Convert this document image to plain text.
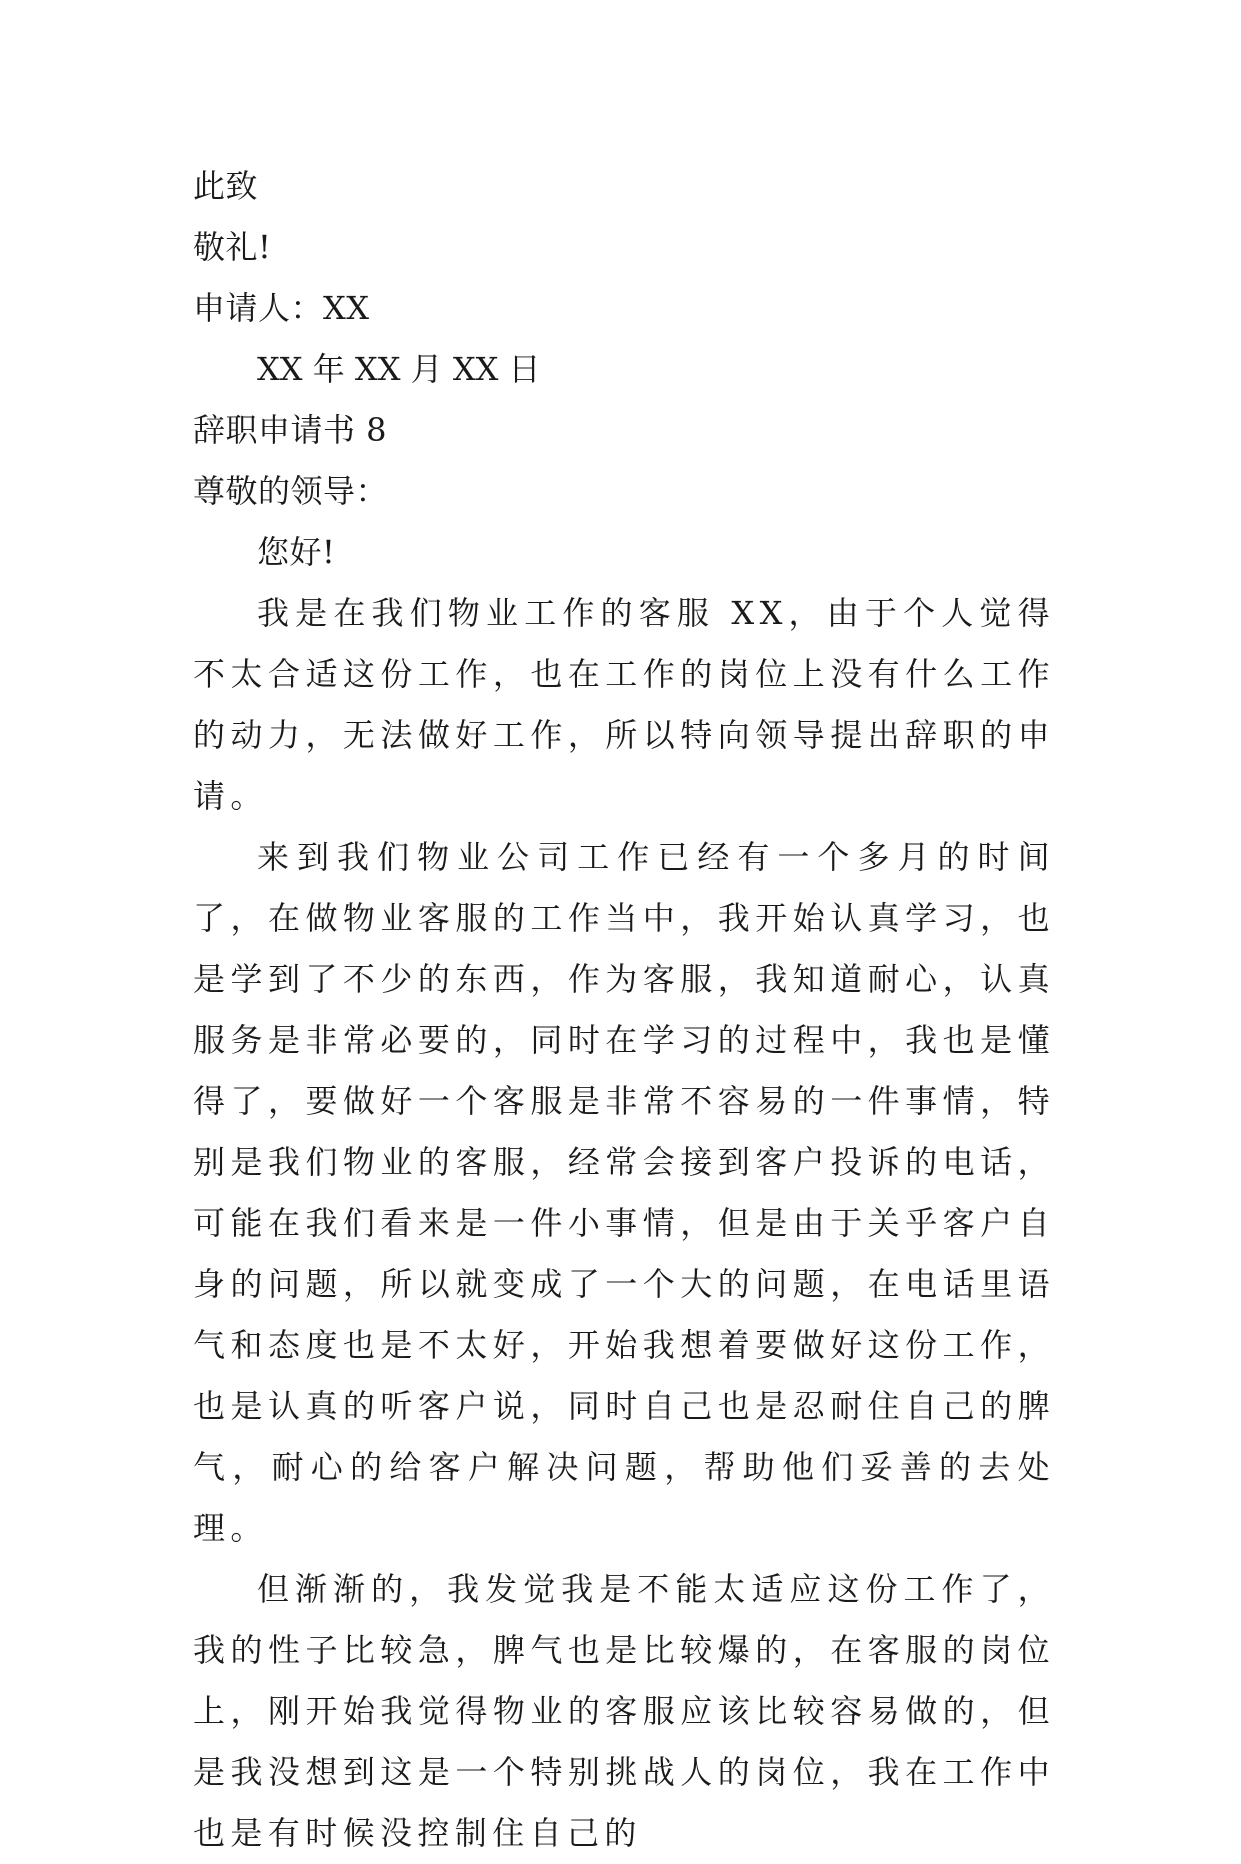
此致
敬礼!
申请人：XX
XX 年 XX 月 XX 日
辞职申请书 8
尊敬的领导：
您好!

我是在我们物业工作的客服 XX，由于个人觉得不太合适这份工作，也在工作的岗位上没有什么工作的动力，无法做好工作，所以特向领导提出辞职的申请。

来到我们物业公司工作已经有一个多月的时间了，在做物业客服的工作当中，我开始认真学习，也是学到了不少的东西，作为客服，我知道耐心，认真服务是非常必要的，同时在学习的过程中，我也是懂得了，要做好一个客服是非常不容易的一件事情，特别是我们物业的客服，经常会接到客户投诉的电话，可能在我们看来是一件小事情，但是由于关乎客户自身的问题，所以就变成了一个大的问题，在电话里语气和态度也是不太好，开始我想着要做好这份工作，也是认真的听客户说，同时自己也是忍耐住自己的脾气，耐心的给客户解决问题，帮助他们妥善的去处理。

但渐渐的，我发觉我是不能太适应这份工作了，我的性子比较急，脾气也是比较爆的，在客服的岗位上，刚开始我觉得物业的客服应该比较容易做的，但是我没想到这是一个特别挑战人的岗位，我在工作中也是有时候没控制住自己的
